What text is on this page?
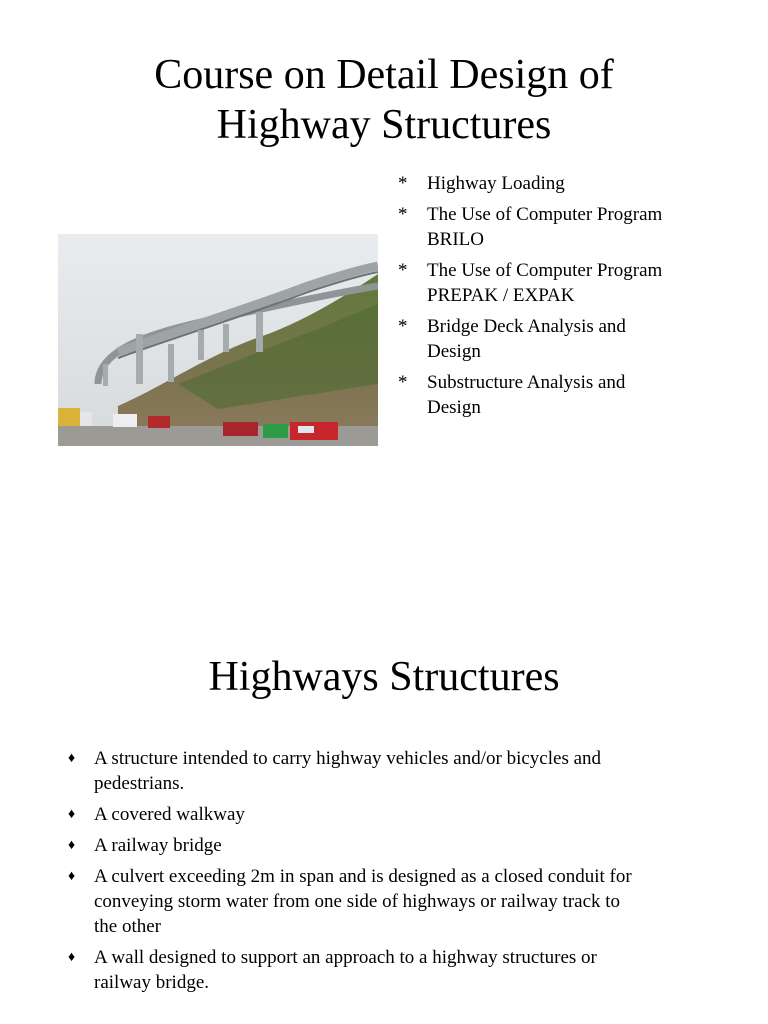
Course on Detail Design of
Highway Structures
* Highway Loading
* The Use of Computer Program
BRILO
* The Use of Computer Program
PREPAK / EXPAK
* Bridge Deck Analysis and
Design
* Substructure Analysis and
Design
Highways Structures
♦ A structure intended to carry highway vehicles and/or bicycles and
pedestrians.
♦ A covered walkway
♦ A railway bridge
♦ A culvert exceeding 2m in span and is designed as a closed conduit for
conveying storm water from one side of highways or railway track to
the other
♦ A wall designed to support an approach to a highway structures or
railway bridge.
